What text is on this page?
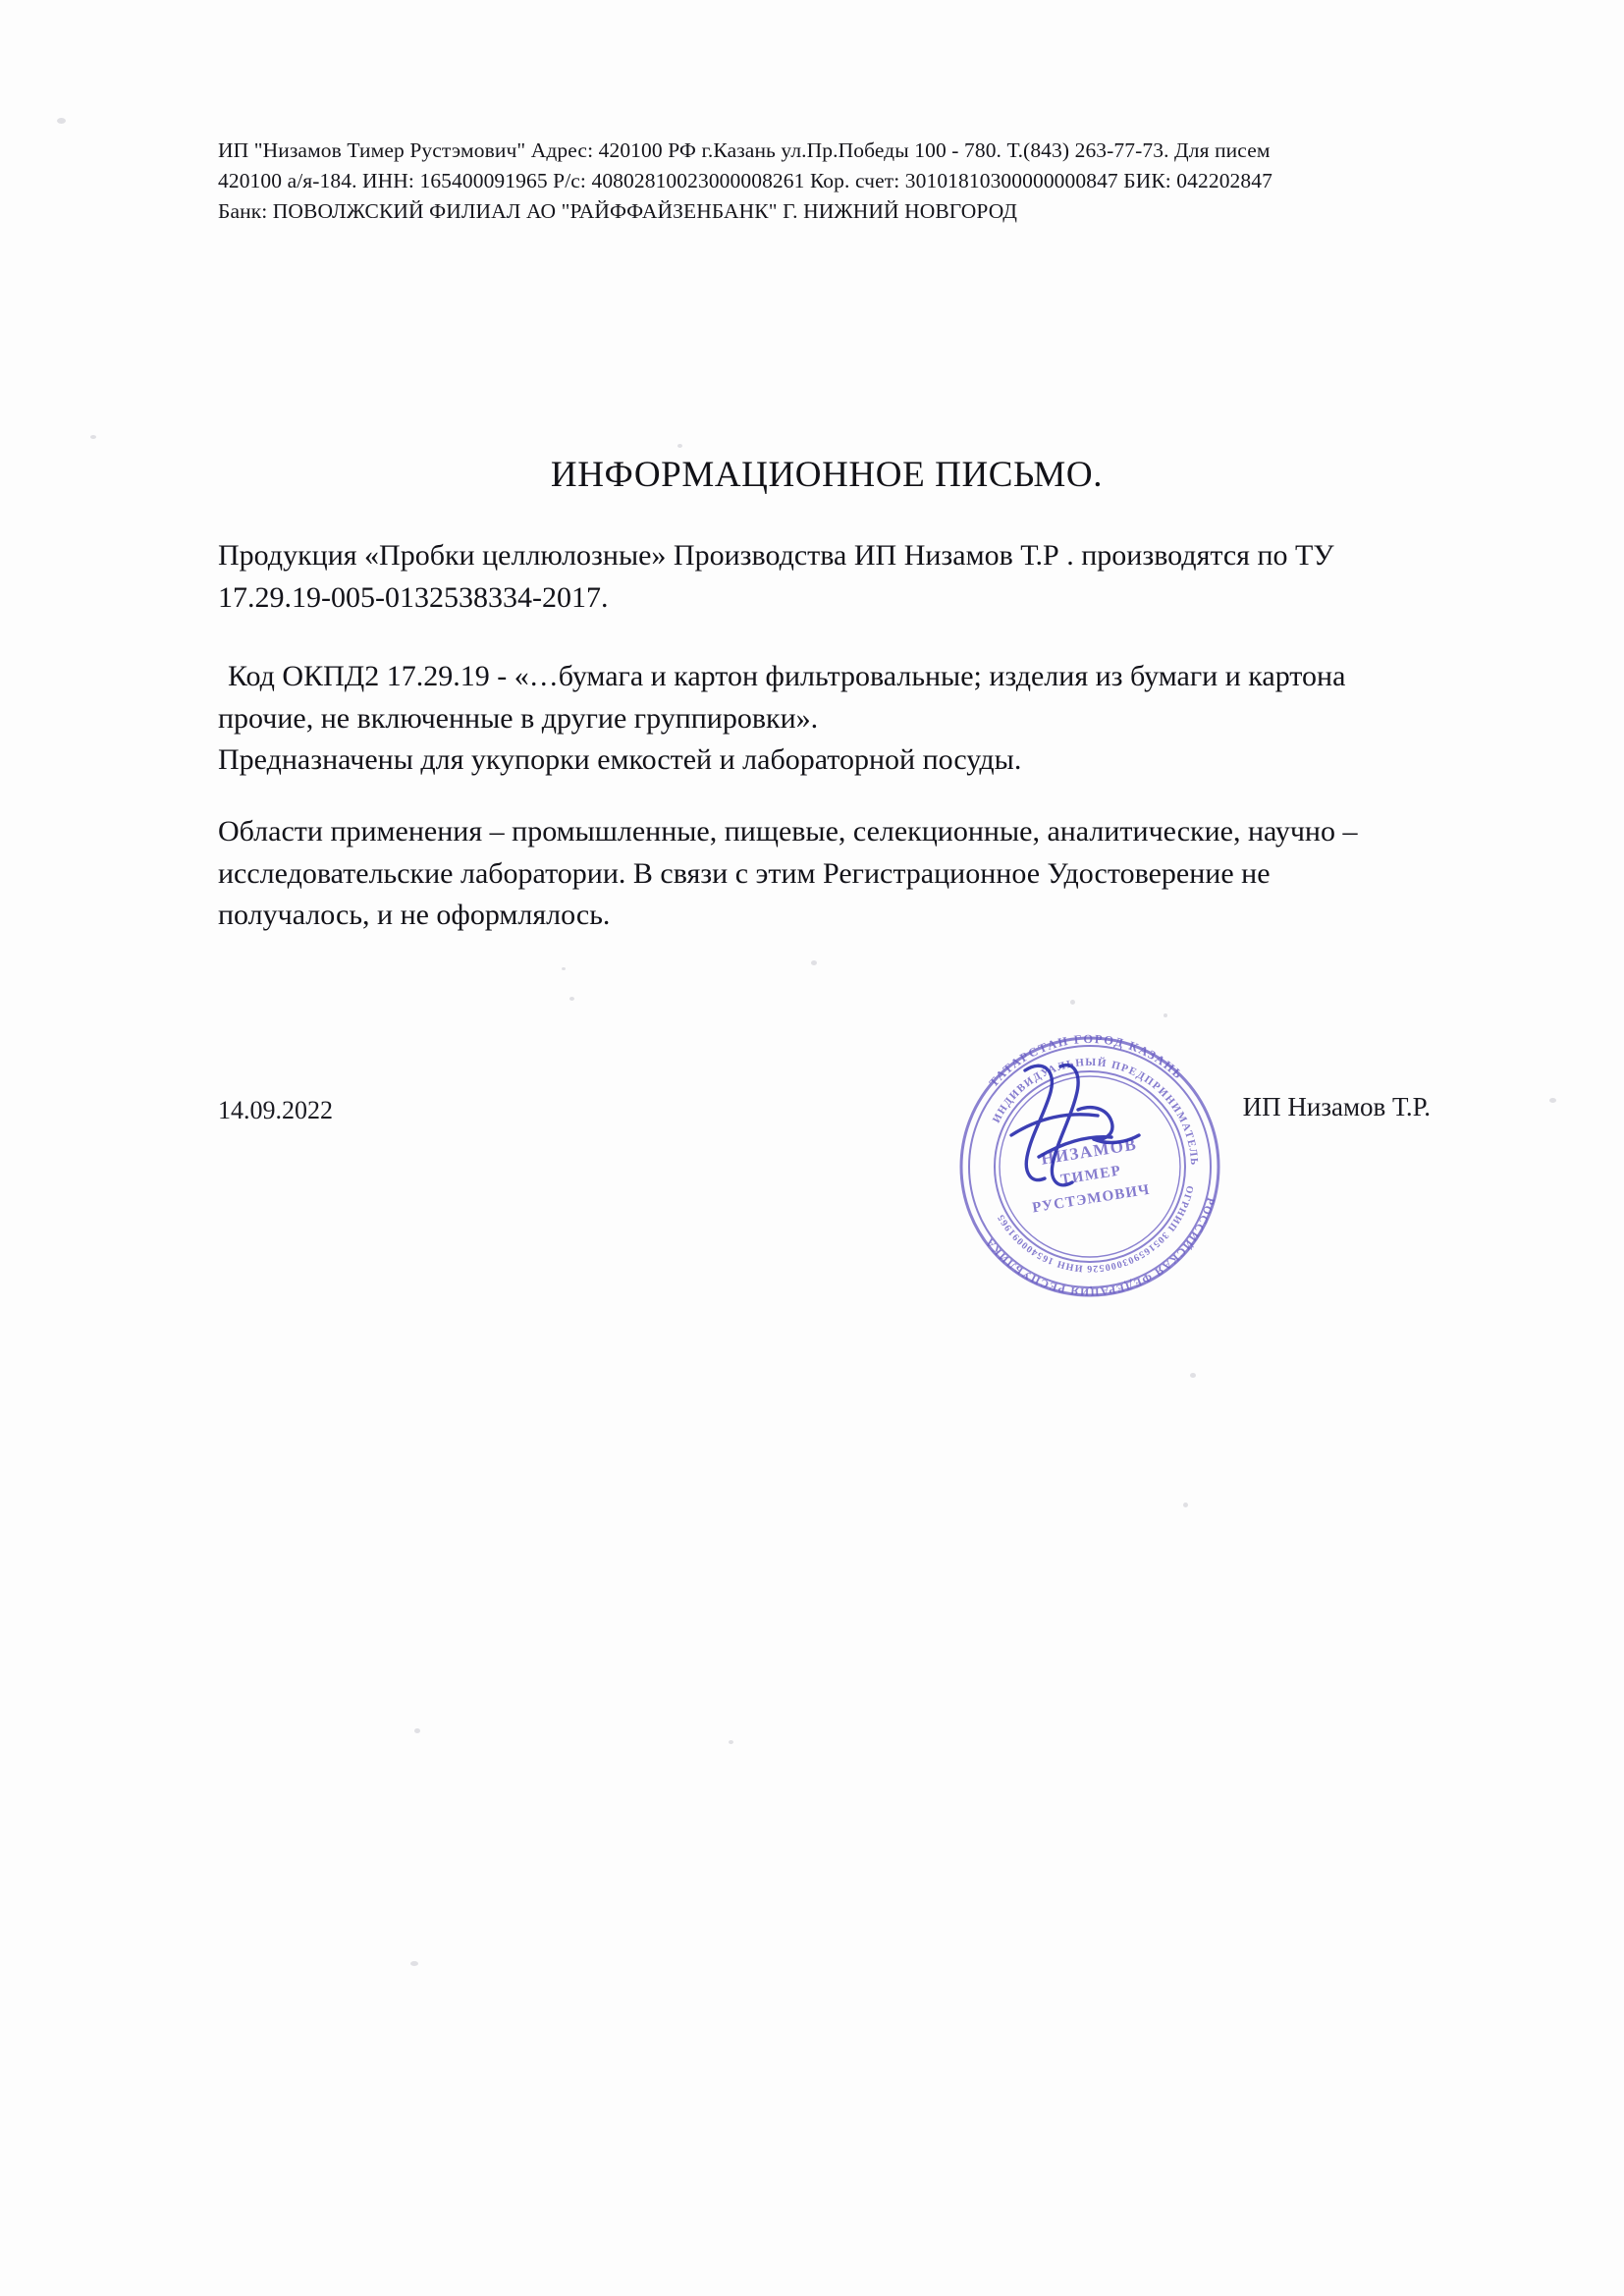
ИП "Низамов Тимер Рустэмович" Адрес: 420100 РФ г.Казань ул.Пр.Победы 100 - 780. Т.(843) 263-77-73. Для писем
420100 а/я-184. ИНН: 165400091965 Р/с: 40802810023000008261 Кор. счет: 30101810300000000847 БИК: 042202847
Банк: ПОВОЛЖСКИЙ ФИЛИАЛ АО "РАЙФФАЙЗЕНБАНК" Г. НИЖНИЙ НОВГОРОД
ИНФОРМАЦИОННОЕ ПИСЬМО.
Продукция «Пробки целлюлозные» Производства ИП Низамов Т.Р . производятся по ТУ
17.29.19-005-0132538334-2017.
Код ОКПД2 17.29.19 - «…бумага и картон фильтровальные; изделия из бумаги и картона
прочие, не включенные в другие группировки».
Предназначены для укупорки емкостей и лабораторной посуды.
Области применения – промышленные, пищевые, селекционные, аналитические, научно –
исследовательские лаборатории. В связи с этим Регистрационное Удостоверение не
получалось, и не оформлялось.
ТАТАРСТАН ГОРОД КАЗАНЬ
РОССИЙСКАЯ ФЕДЕРАЦИЯ РЕСПУБЛИКА
ИНДИВИДУАЛЬНЫЙ ПРЕДПРИНИМАТЕЛЬ
ОГРНИП 305165903000526 ИНН 165400091965
НИЗАМОВ
ТИМЕР
РУСТЭМОВИЧ
14.09.2022	ИП Низамов Т.Р.
